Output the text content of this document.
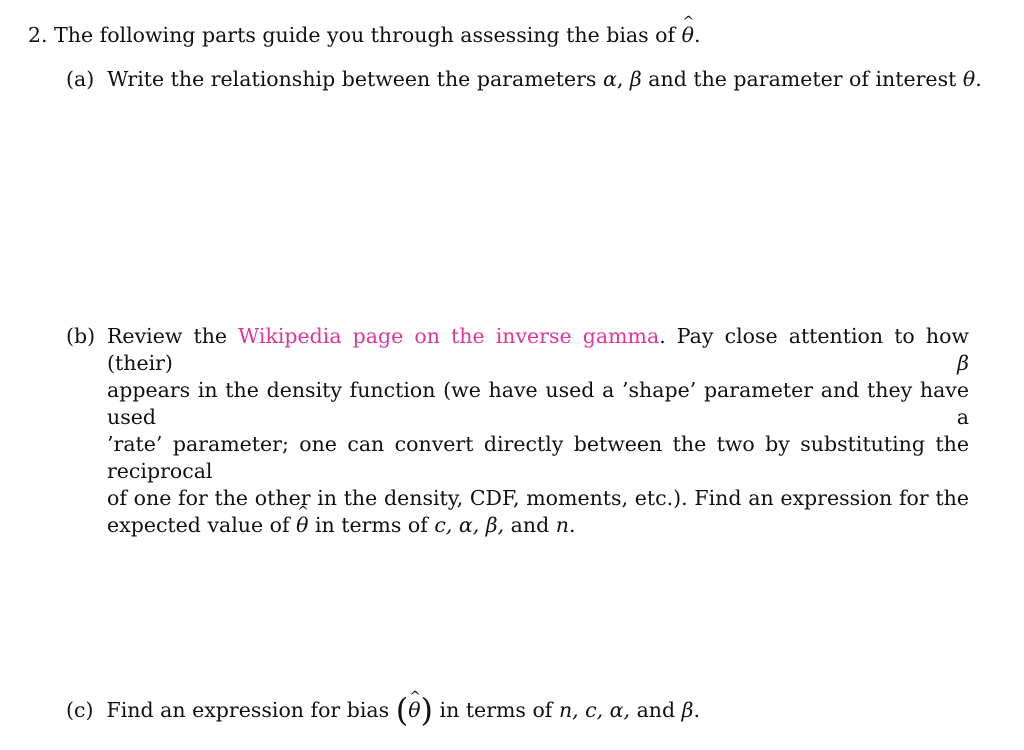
2. The following parts guide you through assessing the bias of ^ θ.
(a) Write the relationship between the parameters α, β and the parameter of interest θ.
(b) Review the Wikipedia page on the inverse gamma. Pay close attention to how (their)	β
appears in the density function (we have used a ’shape’ parameter and they have used a
’rate’ parameter; one can convert directly between the two by substituting the reciprocal
of one for the other in the density, CDF, moments, etc.). Find an expression for the
expected value of ^ θ in terms of c, α, β, and n.
(c) Find an expression for bias (^ θ) in terms of n, c, α, and β.
